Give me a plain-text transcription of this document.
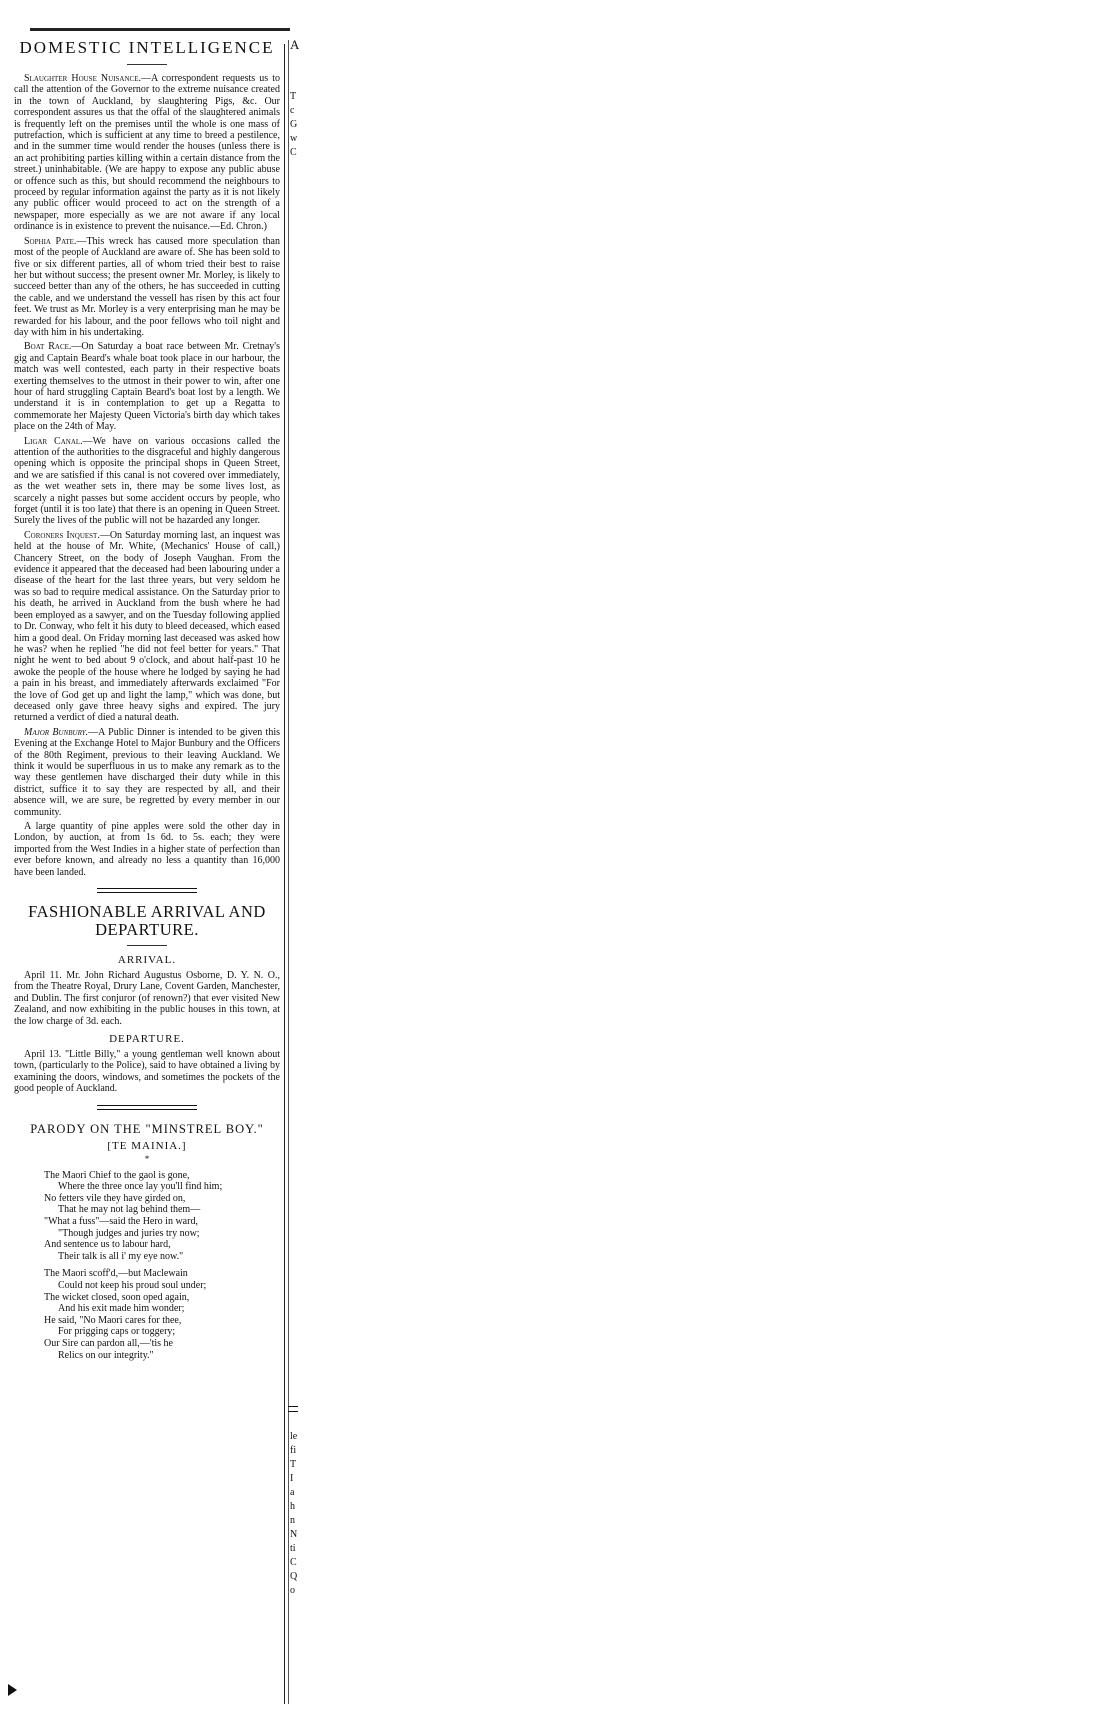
DOMESTIC INTELLIGENCE

Slaughter House Nuisance.—A correspondent requests us to call the attention of the Governor to the extreme nuisance created in the town of Auckland, by slaughtering Pigs, &c. Our correspondent assures us that the offal of the slaughtered animals is frequently left on the premises until the whole is one mass of putrefaction, which is sufficient at any time to breed a pestilence, and in the summer time would render the houses (unless there is an act prohibiting parties killing within a certain distance from the street.) uninhabitable. (We are happy to expose any public abuse or offence such as this, but should recommend the neighbours to proceed by regular information against the party as it is not likely any public officer would proceed to act on the strength of a newspaper, more especially as we are not aware if any local ordinance is in existence to prevent the nuisance.—Ed. Chron.)

Sophia Pate.—This wreck has caused more speculation than most of the people of Auckland are aware of. She has been sold to five or six different parties, all of whom tried their best to raise her but without success; the present owner Mr. Morley, is likely to succeed better than any of the others, he has succeeded in cutting the cable, and we understand the vessell has risen by this act four feet. We trust as Mr. Morley is a very enterprising man he may be rewarded for his labour, and the poor fellows who toil night and day with him in his undertaking.

Boat Race.—On Saturday a boat race between Mr. Cretnay's gig and Captain Beard's whale boat took place in our harbour, the match was well contested, each party in their respective boats exerting themselves to the utmost in their power to win, after one hour of hard struggling Captain Beard's boat lost by a length. We understand it is in contemplation to get up a Regatta to commemorate her Majesty Queen Victoria's birth day which takes place on the 24th of May.

Ligar Canal.—We have on various occasions called the attention of the authorities to the disgraceful and highly dangerous opening which is opposite the principal shops in Queen Street, and we are satisfied if this canal is not covered over immediately, as the wet weather sets in, there may be some lives lost, as scarcely a night passes but some accident occurs by people, who forget (until it is too late) that there is an opening in Queen Street. Surely the lives of the public will not be hazarded any longer.

Coroners Inquest.—On Saturday morning last, an inquest was held at the house of Mr. White, (Mechanics' House of call,) Chancery Street, on the body of Joseph Vaughan. From the evidence it appeared that the deceased had been labouring under a disease of the heart for the last three years, but very seldom he was so bad to require medical assistance. On the Saturday prior to his death, he arrived in Auckland from the bush where he had been employed as a sawyer, and on the Tuesday following applied to Dr. Conway, who felt it his duty to bleed deceased, which eased him a good deal. On Friday morning last deceased was asked how he was? when he replied "he did not feel better for years." That night he went to bed about 9 o'clock, and about half-past 10 he awoke the people of the house where he lodged by saying he had a pain in his breast, and immediately afterwards exclaimed "For the love of God get up and light the lamp," which was done, but deceased only gave three heavy sighs and expired. The jury returned a verdict of died a natural death.

Major Bunbury.—A Public Dinner is intended to be given this Evening at the Exchange Hotel to Major Bunbury and the Officers of the 80th Regiment, previous to their leaving Auckland. We think it would be superfluous in us to make any remark as to the way these gentlemen have discharged their duty while in this district, suffice it to say they are respected by all, and their absence will, we are sure, be regretted by every member in our community.

A large quantity of pine apples were sold the other day in London, by auction, at from 1s 6d. to 5s. each; they were imported from the West Indies in a higher state of perfection than ever before known, and already no less a quantity than 16,000 have been landed.

FASHIONABLE ARRIVAL AND DEPARTURE.
ARRIVAL.

April 11. Mr. John Richard Augustus Osborne, D. Y. N. O., from the Theatre Royal, Drury Lane, Covent Garden, Manchester, and Dublin. The first conjuror (of renown?) that ever visited New Zealand, and now exhibiting in the public houses in this town, at the low charge of 3d. each.

DEPARTURE.

April 13. "Little Billy," a young gentleman well known about town, (particularly to the Police), said to have obtained a living by examining the doors, windows, and sometimes the pockets of the good people of Auckland.

PARODY ON THE "MINSTREL BOY."
[TE MAINIA.]
*
The Maori Chief to the gaol is gone,
Where the three once lay you'll find him;
No fetters vile they have girded on,
That he may not lag behind them—
"What a fuss"—said the Hero in ward,
"Though judges and juries try now;
And sentence us to labour hard,
Their talk is all i' my eye now."
The Maori scoff'd,—but Maclewain
Could not keep his proud soul under;
The wicket closed, soon oped again,
And his exit made him wonder;
He said, "No Maori cares for thee,
For prigging caps or toggery;
Our Sire can pardon all,—'tis he
Relics on our integrity."
A
T
c
G
w
C
le
fi
T
I
a
h
n
N
ti
C
Q
o
